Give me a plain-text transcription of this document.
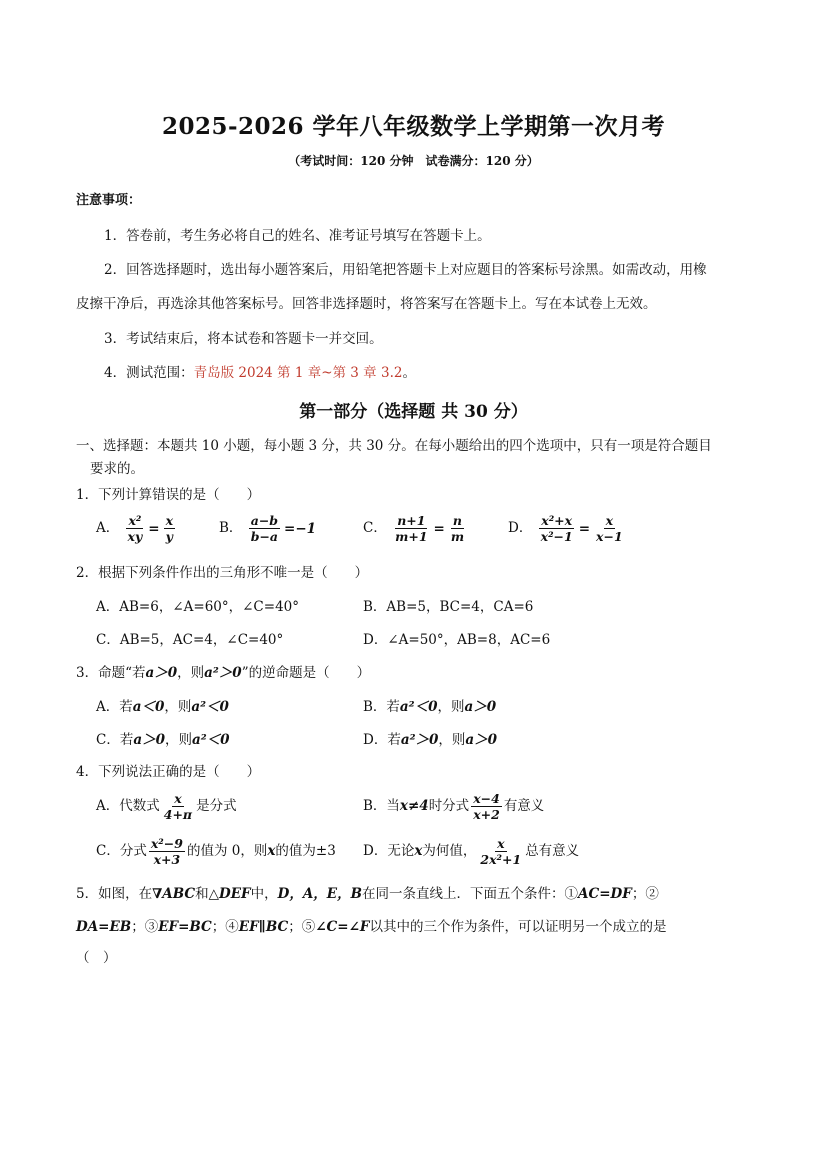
2025-2026 学年八年级数学上学期第一次月考
（考试时间：120 分钟　试卷满分：120 分）
注意事项：
1．答卷前，考生务必将自己的姓名、准考证号填写在答题卡上。
2．回答选择题时，选出每小题答案后，用铅笔把答题卡上对应题目的答案标号涂黑。如需改动，用橡
皮擦干净后，再选涂其他答案标号。回答非选择题时，将答案写在答题卡上。写在本试卷上无效。
3．考试结束后，将本试卷和答题卡一并交回。
4．测试范围：青岛版 2024 第 1 章~第 3 章 3.2。
第一部分（选择题 共 30 分）
一、选择题：本题共 10 小题，每小题 3 分，共 30 分。在每小题给出的四个选项中，只有一项是符合题目
要求的。
1．下列计算错误的是（　　）
A． $\frac{\text{x²}}{xy} = \frac{x}{y}$	B． $\frac{a-b}{b-a} =-1$	C． $\frac{n+1}{m+1} = \frac{n}{m}$	D． $\frac{\text{x²+x}}{\text{x²−1}} = \frac{x}{x-1}$
2．根据下列条件作出的三角形不唯一是（　　）
A．AB=6，∠A=60°，∠C=40°	B．AB=5，BC=4，CA=6
C．AB=5，AC=4，∠C=40°	D．∠A=50°，AB=8，AC=6
3．命题“若a＞0，则a²＞0”的逆命题是（　　）
A．若a＜0，则a²＜0	B．若a²＜0，则a＞0
C．若a＞0，则a²＜0	D．若a²＞0，则a＞0
4．下列说法正确的是（　　）
A．代数式 $\frac{x}{4+\pi}$ 是分式	B．当x≠4时分式 $\frac{x-4}{x+2}$ 有意义
C．分式 $\frac{\text{x²−9}}{x+3}$ 的值为 0，则x的值为±3 D．无论x为何值， $\frac{x}{\text{2x²+1}}$ 总有意义
5．如图，在∇ABC和△DEF中，D，A，E，B在同一条直线上．下面五个条件：①AC=DF；②
DA=EB；③EF=BC；④EF∥BC；⑤∠C=∠F以其中的三个作为条件，可以证明另一个成立的是
（　）
